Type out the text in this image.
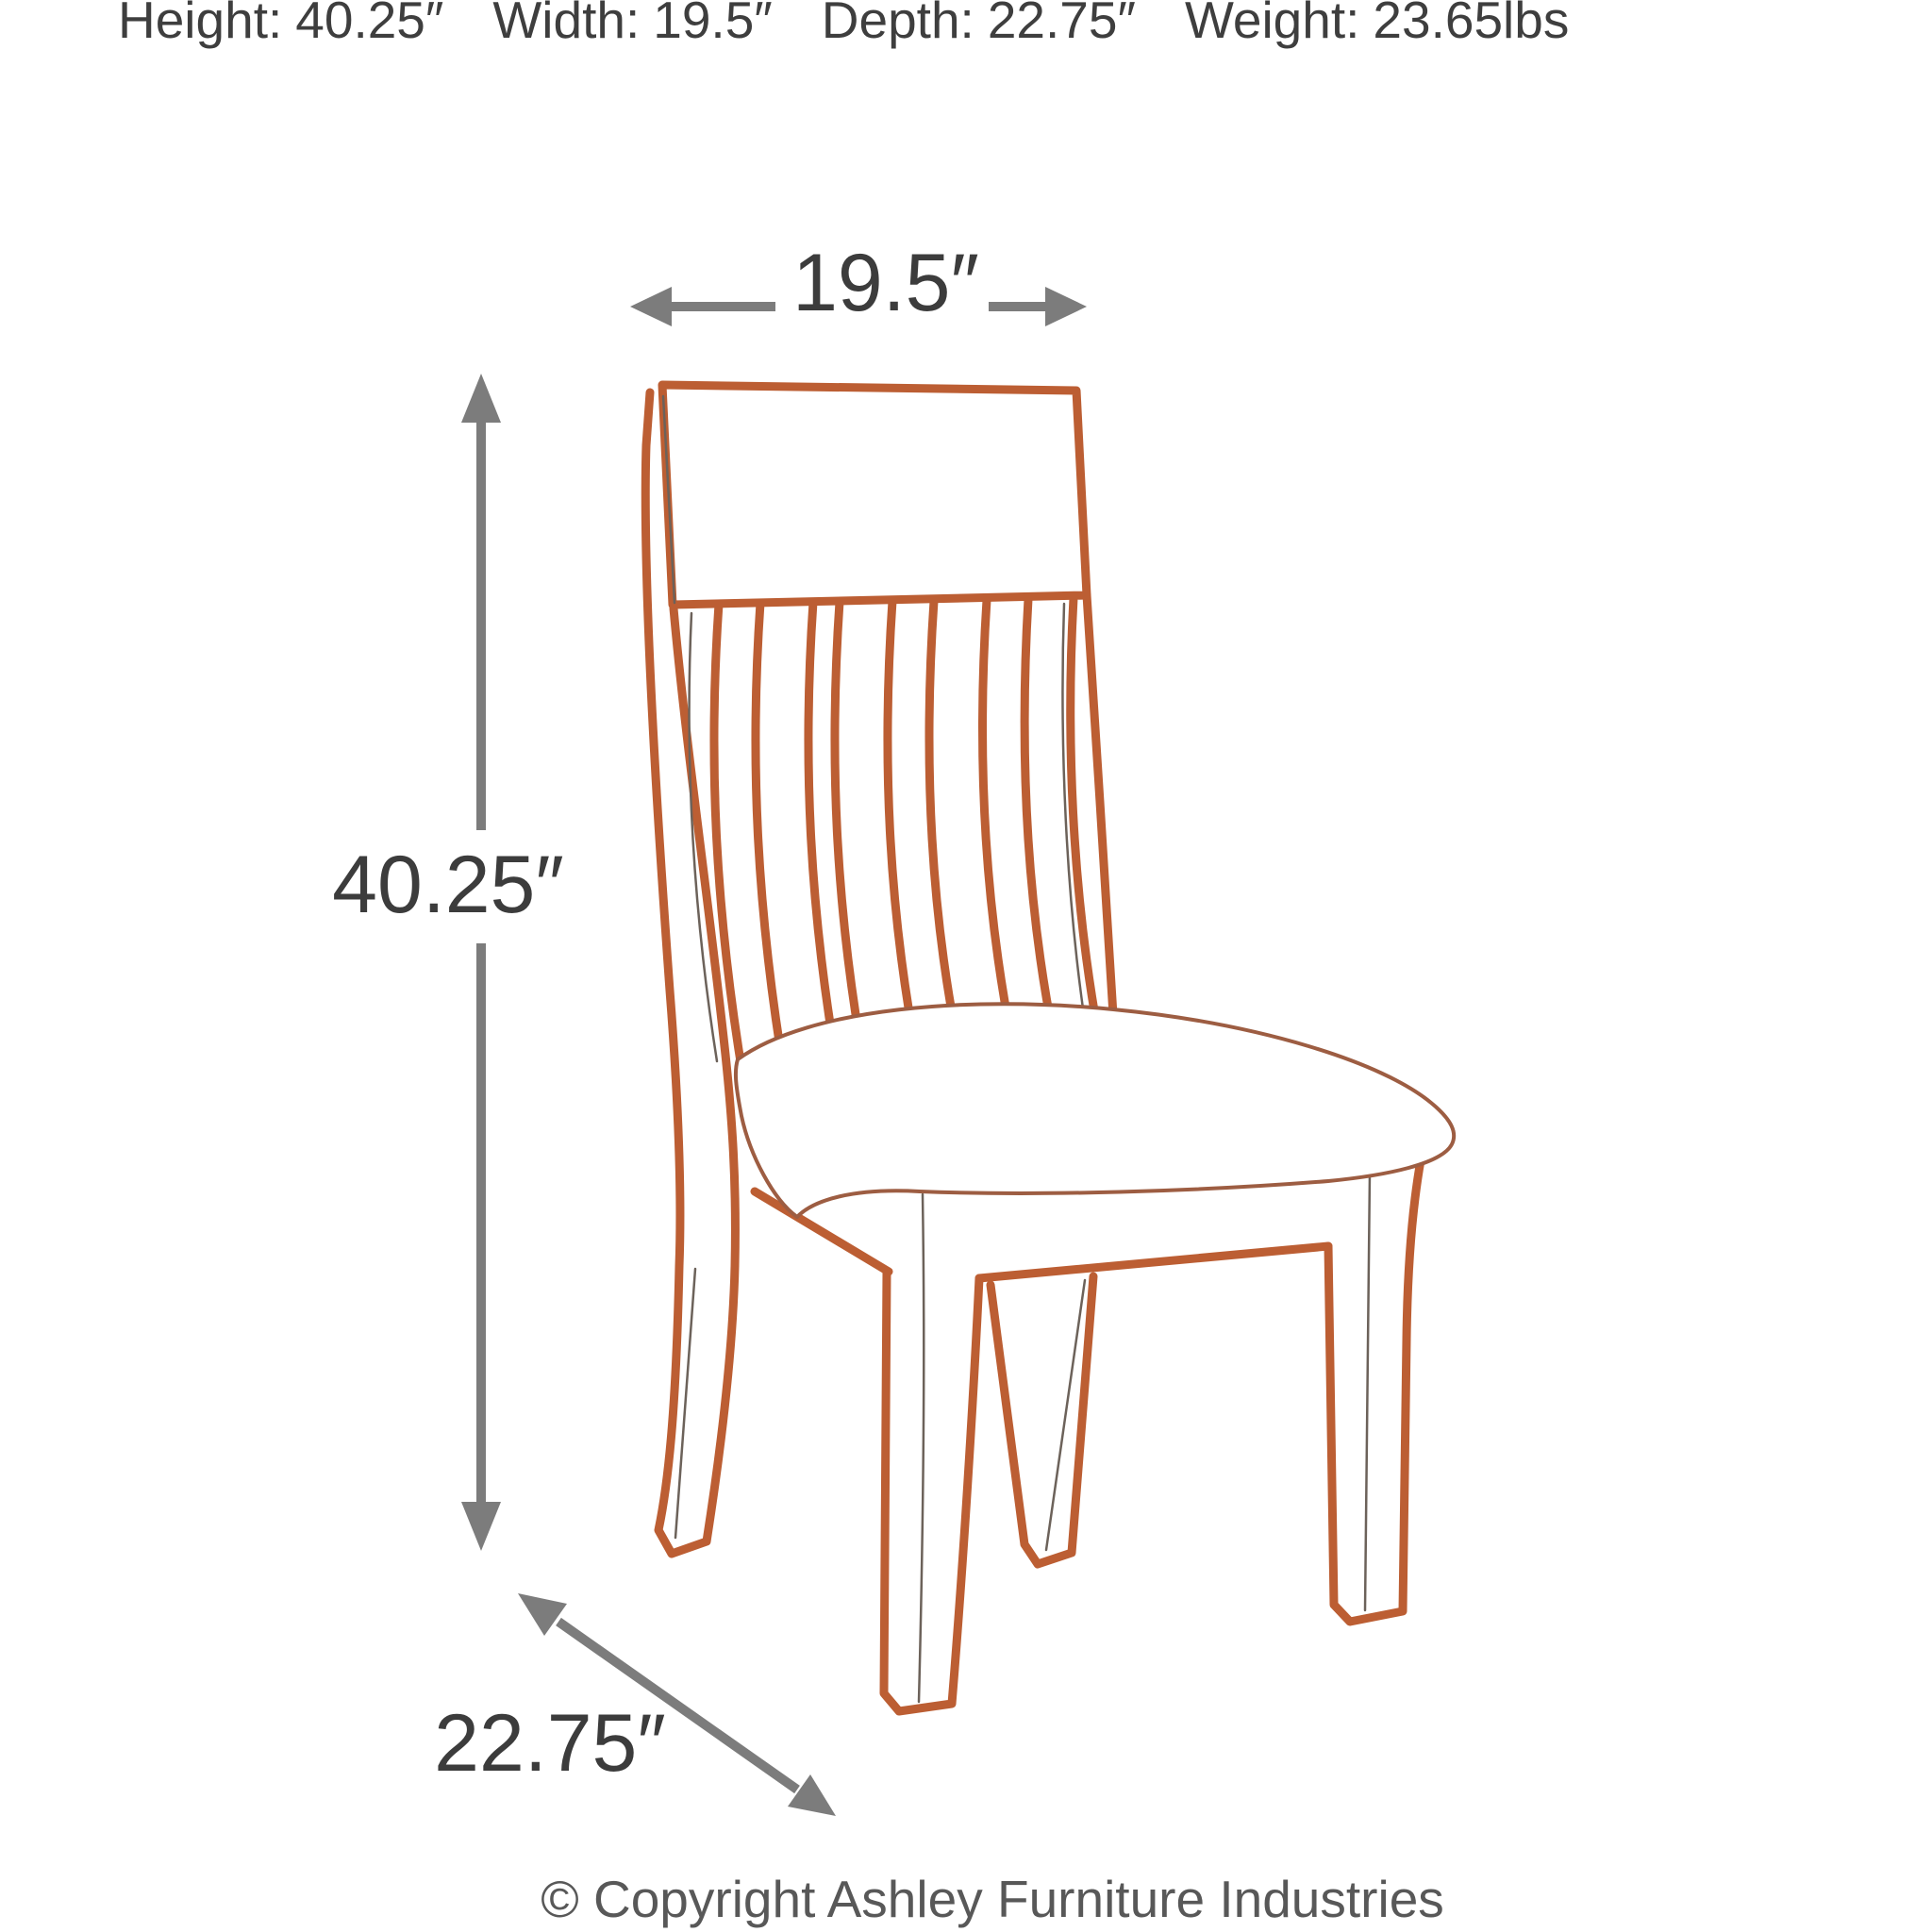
Height: 40.25″ Width: 19.5″ Depth: 22.75″ Weight: 23.65lbs
19.5″
40.25″
22.75″
© Copyright Ashley Furniture Industries
